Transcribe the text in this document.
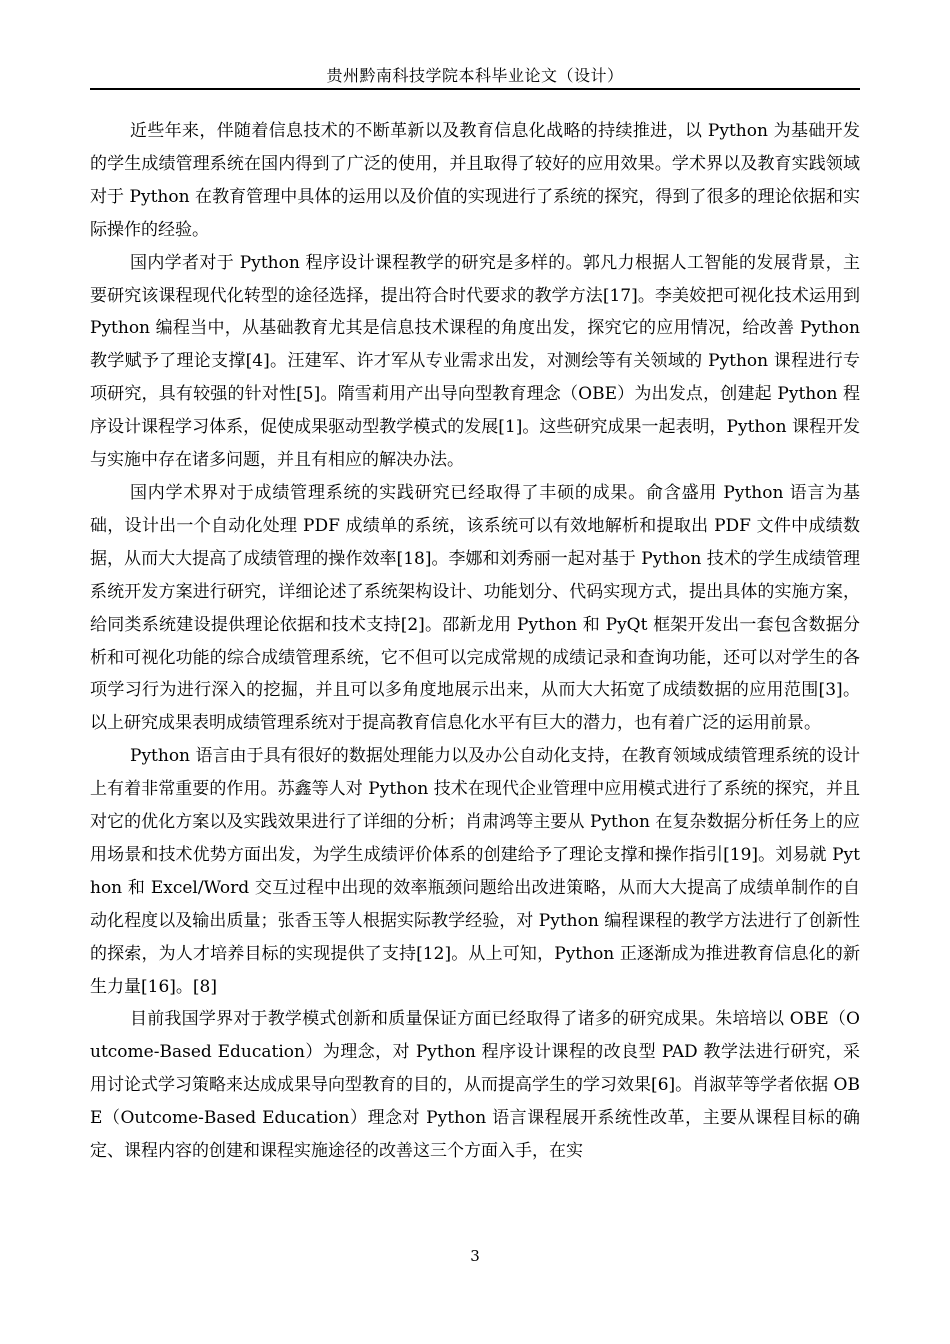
贵州黔南科技学院本科毕业论文（设计）

近些年来，伴随着信息技术的不断革新以及教育信息化战略的持续推进，以 Python 为基础开发的学生成绩管理系统在国内得到了广泛的使用，并且取得了较好的应用效果。学术界以及教育实践领域对于 Python 在教育管理中具体的运用以及价值的实现进行了系统的探究，得到了很多的理论依据和实际操作的经验。

国内学者对于 Python 程序设计课程教学的研究是多样的。郭凡力根据人工智能的发展背景，主要研究该课程现代化转型的途径选择，提出符合时代要求的教学方法[17]。李美姣把可视化技术运用到 Python 编程当中，从基础教育尤其是信息技术课程的角度出发，探究它的应用情况，给改善 Python 教学赋予了理论支撑[4]。汪建军、许才军从专业需求出发，对测绘等有关领域的 Python 课程进行专项研究，具有较强的针对性[5]。隋雪莉用产出导向型教育理念（OBE）为出发点，创建起 Python 程序设计课程学习体系，促使成果驱动型教学模式的发展[1]。这些研究成果一起表明，Python 课程开发与实施中存在诸多问题，并且有相应的解决办法。

国内学术界对于成绩管理系统的实践研究已经取得了丰硕的成果。俞含盛用 Python 语言为基础，设计出一个自动化处理 PDF 成绩单的系统，该系统可以有效地解析和提取出 PDF 文件中成绩数据，从而大大提高了成绩管理的操作效率[18]。李娜和刘秀丽一起对基于 Python 技术的学生成绩管理系统开发方案进行研究，详细论述了系统架构设计、功能划分、代码实现方式，提出具体的实施方案，给同类系统建设提供理论依据和技术支持[2]。邵新龙用 Python 和 PyQt 框架开发出一套包含数据分析和可视化功能的综合成绩管理系统，它不但可以完成常规的成绩记录和查询功能，还可以对学生的各项学习行为进行深入的挖掘，并且可以多角度地展示出来，从而大大拓宽了成绩数据的应用范围[3]。以上研究成果表明成绩管理系统对于提高教育信息化水平有巨大的潜力，也有着广泛的运用前景。

Python 语言由于具有很好的数据处理能力以及办公自动化支持，在教育领域成绩管理系统的设计上有着非常重要的作用。苏鑫等人对 Python 技术在现代企业管理中应用模式进行了系统的探究，并且对它的优化方案以及实践效果进行了详细的分析；肖肃鸿等主要从 Python 在复杂数据分析任务上的应用场景和技术优势方面出发，为学生成绩评价体系的创建给予了理论支撑和操作指引[19]。刘易就 Python 和 Excel/Word 交互过程中出现的效率瓶颈问题给出改进策略，从而大大提高了成绩单制作的自动化程度以及输出质量；张香玉等人根据实际教学经验，对 Python 编程课程的教学方法进行了创新性的探索，为人才培养目标的实现提供了支持[12]。从上可知，Python 正逐渐成为推进教育信息化的新生力量[16]。[8]

目前我国学界对于教学模式创新和质量保证方面已经取得了诸多的研究成果。朱培培以 OBE（Outcome-Based Education）为理念，对 Python 程序设计课程的改良型 PAD 教学法进行研究，采用讨论式学习策略来达成成果导向型教育的目的，从而提高学生的学习效果[6]。肖淑苹等学者依据 OBE（Outcome-Based Education）理念对 Python 语言课程展开系统性改革，主要从课程目标的确定、课程内容的创建和课程实施途径的改善这三个方面入手，在实

3
